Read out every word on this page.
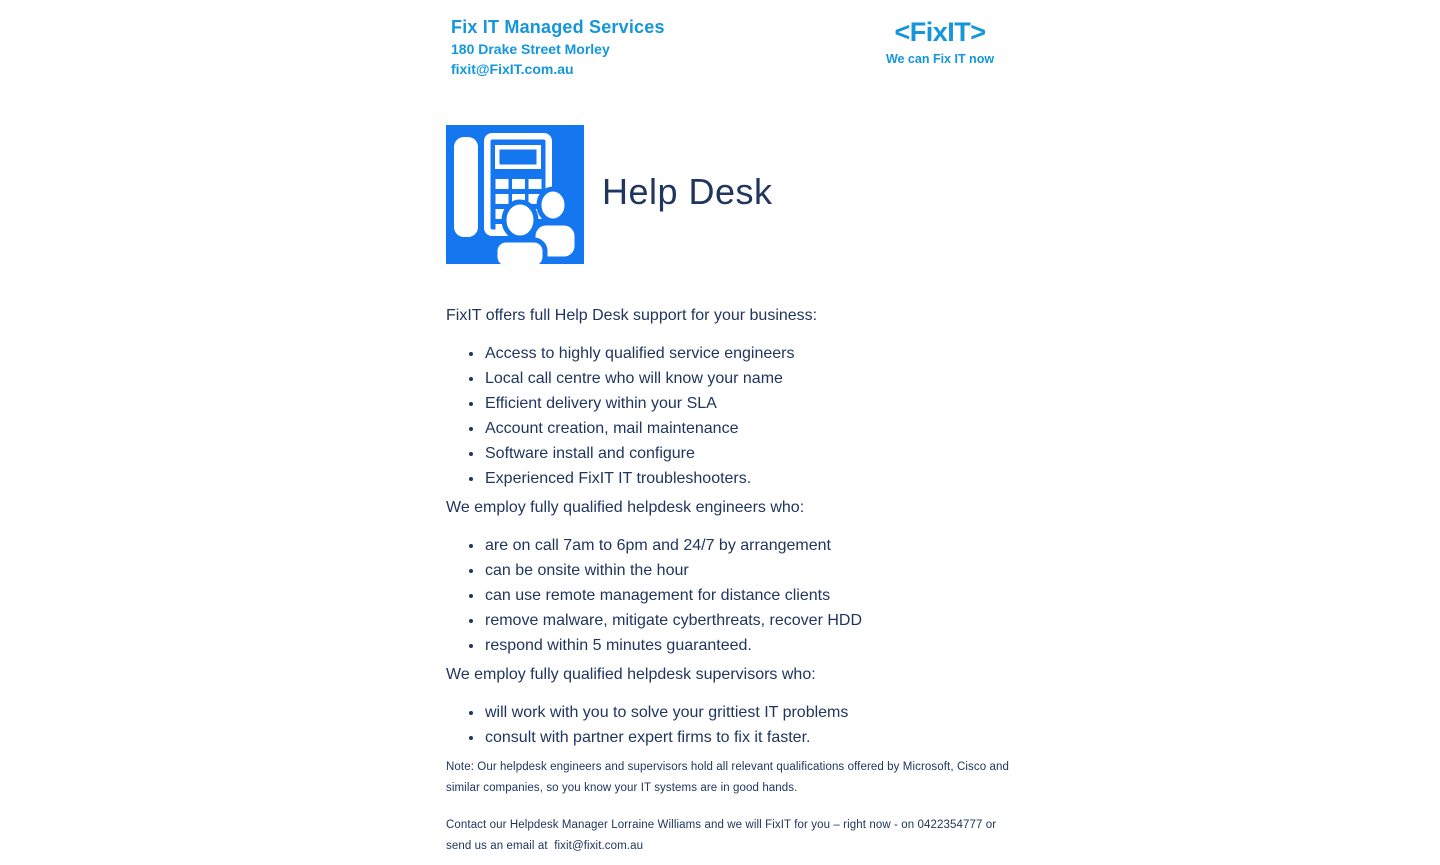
Fix IT Managed Services
180 Drake Street Morley
fixit@FixIT.com.au
<FixIT>
We can Fix IT now
Help Desk

FixIT offers full Help Desk support for your business:

• Access to highly qualified service engineers
• Local call centre who will know your name
• Efficient delivery within your SLA
• Account creation, mail maintenance
• Software install and configure
• Experienced FixIT IT troubleshooters.

We employ fully qualified helpdesk engineers who:

• are on call 7am to 6pm and 24/7 by arrangement
• can be onsite within the hour
• can use remote management for distance clients
• remove malware, mitigate cyberthreats, recover HDD
• respond within 5 minutes guaranteed.

We employ fully qualified helpdesk supervisors who:

• will work with you to solve your grittiest IT problems
• consult with partner expert firms to fix it faster.

Note: Our helpdesk engineers and supervisors hold all relevant qualifications offered by Microsoft, Cisco and similar companies, so you know your IT systems are in good hands.

Contact our Helpdesk Manager Lorraine Williams and we will FixIT for you – right now - on 0422354777 or send us an email at  fixit@fixit.com.au
